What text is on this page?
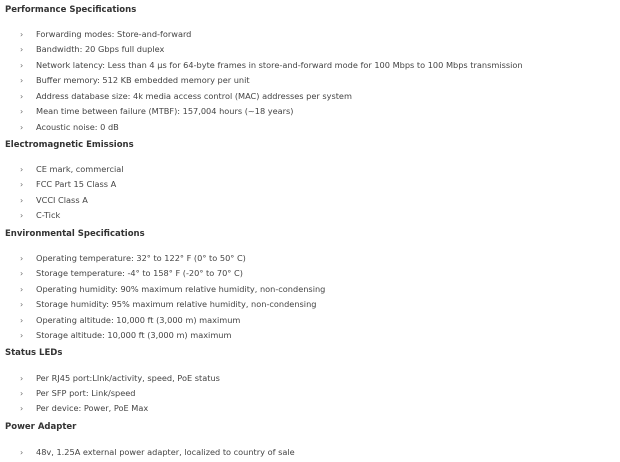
Performance Specifications
› Forwarding modes: Store-and-forward
› Bandwidth: 20 Gbps full duplex
› Network latency: Less than 4 µs for 64-byte frames in store-and-forward mode for 100 Mbps to 100 Mbps transmission
› Buffer memory: 512 KB embedded memory per unit
› Address database size: 4k media access control (MAC) addresses per system
› Mean time between failure (MTBF): 157,004 hours (~18 years)
› Acoustic noise: 0 dB
Electromagnetic Emissions
› CE mark, commercial
› FCC Part 15 Class A
› VCCI Class A
› C-Tick
Environmental Specifications
› Operating temperature: 32° to 122° F (0° to 50° C)
› Storage temperature: -4° to 158° F (-20° to 70° C)
› Operating humidity: 90% maximum relative humidity, non-condensing
› Storage humidity: 95% maximum relative humidity, non-condensing
› Operating altitude: 10,000 ft (3,000 m) maximum
› Storage altitude: 10,000 ft (3,000 m) maximum
Status LEDs
› Per RJ45 port:LInk/activity, speed, PoE status
› Per SFP port: Link/speed
› Per device: Power, PoE Max
Power Adapter
› 48v, 1.25A external power adapter, localized to country of sale
